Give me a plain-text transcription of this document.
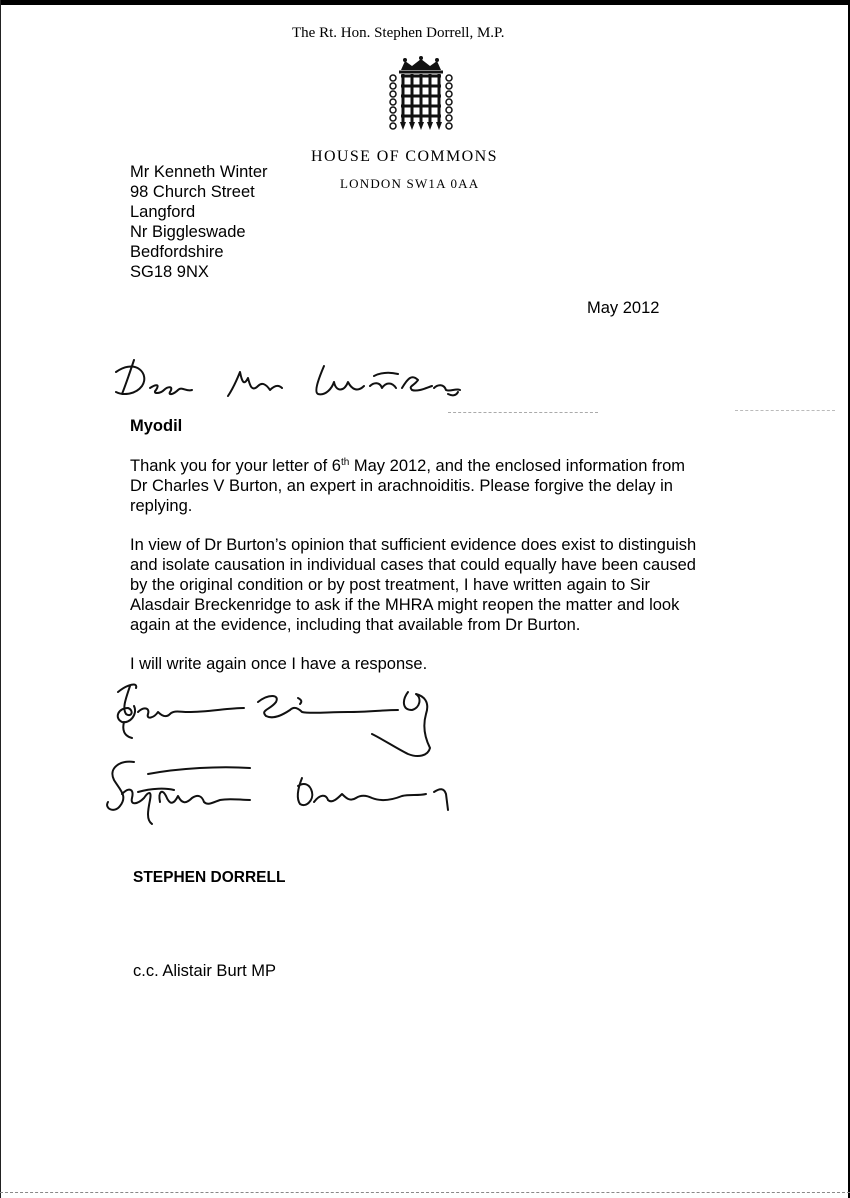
The Rt. Hon. Stephen Dorrell, M.P.
HOUSE OF COMMONS
LONDON SW1A 0AA
Mr Kenneth Winter
98 Church Street
Langford
Nr Biggleswade
Bedfordshire
SG18 9NX
May 2012
Myodil
Thank you for your letter of 6th May 2012, and the enclosed information from
Dr Charles V Burton, an expert in arachnoiditis. Please forgive the delay in
replying.
In view of Dr Burton’s opinion that sufficient evidence does exist to distinguish
and isolate causation in individual cases that could equally have been caused
by the original condition or by post treatment, I have written again to Sir
Alasdair Breckenridge to ask if the MHRA might reopen the matter and look
again at the evidence, including that available from Dr Burton.
I will write again once I have a response.
STEPHEN DORRELL
c.c. Alistair Burt MP
